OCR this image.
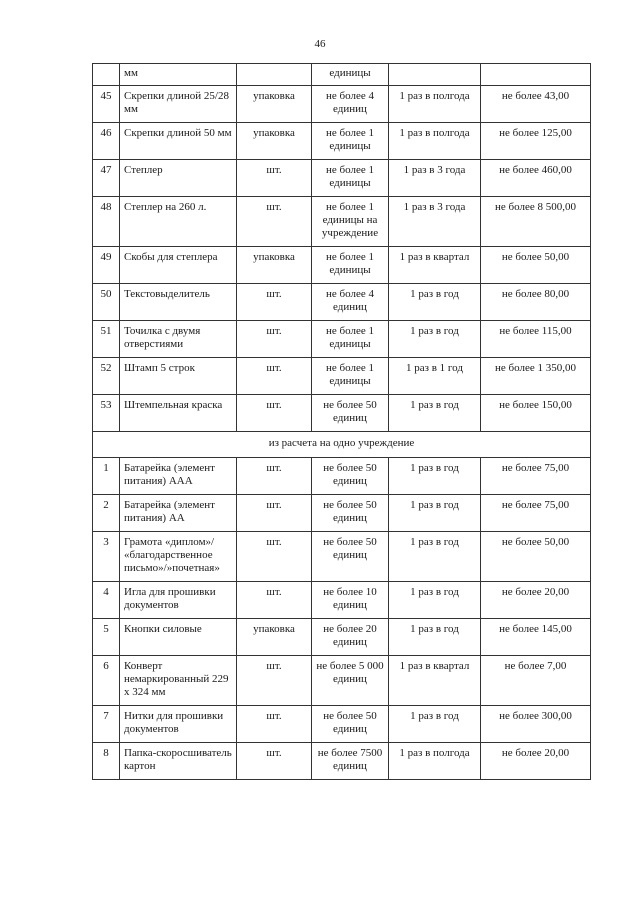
46
	мм		единицы		
45	Скрепки длиной 25/28 мм	упаковка	не более 4 единиц	1 раз в полгода	не более 43,00
46	Скрепки длиной 50 мм	упаковка	не более 1 единицы	1 раз в полгода	не более 125,00
47	Степлер	шт.	не более 1 единицы	1 раз в 3 года	не более 460,00
48	Степлер на 260 л.	шт.	не более 1 единицы на учреждение	1 раз в 3 года	не более 8 500,00
49	Скобы для степлера	упаковка	не более 1 единицы	1 раз в квартал	не более 50,00
50	Текстовыделитель	шт.	не более 4 единиц	1 раз в год	не более 80,00
51	Точилка с двумя отверстиями	шт.	не более 1 единицы	1 раз в год	не более 115,00
52	Штамп 5 строк	шт.	не более 1 единицы	1 раз в 1 год	не более 1 350,00
53	Штемпельная краска	шт.	не более 50 единиц	1 раз в год	не более 150,00
из расчета на одно учреждение					
1	Батарейка (элемент питания) ААА	шт.	не более 50 единиц	1 раз в год	не более 75,00
2	Батарейка (элемент питания) АА	шт.	не более 50 единиц	1 раз в год	не более 75,00
3	Грамота «диплом»/ «благодарственное письмо»/»почетная»	шт.	не более 50 единиц	1 раз в год	не более 50,00
4	Игла для прошивки документов	шт.	не более 10 единиц	1 раз в год	не более 20,00
5	Кнопки силовые	упаковка	не более 20 единиц	1 раз в год	не более 145,00
6	Конверт немаркированный 229 х 324 мм	шт.	не более 5 000 единиц	1 раз в квартал	не более 7,00
7	Нитки для прошивки документов	шт.	не более 50 единиц	1 раз в год	не более 300,00
8	Папка-скоросшиватель картон	шт.	не более 7500 единиц	1 раз в полгода	не более 20,00
